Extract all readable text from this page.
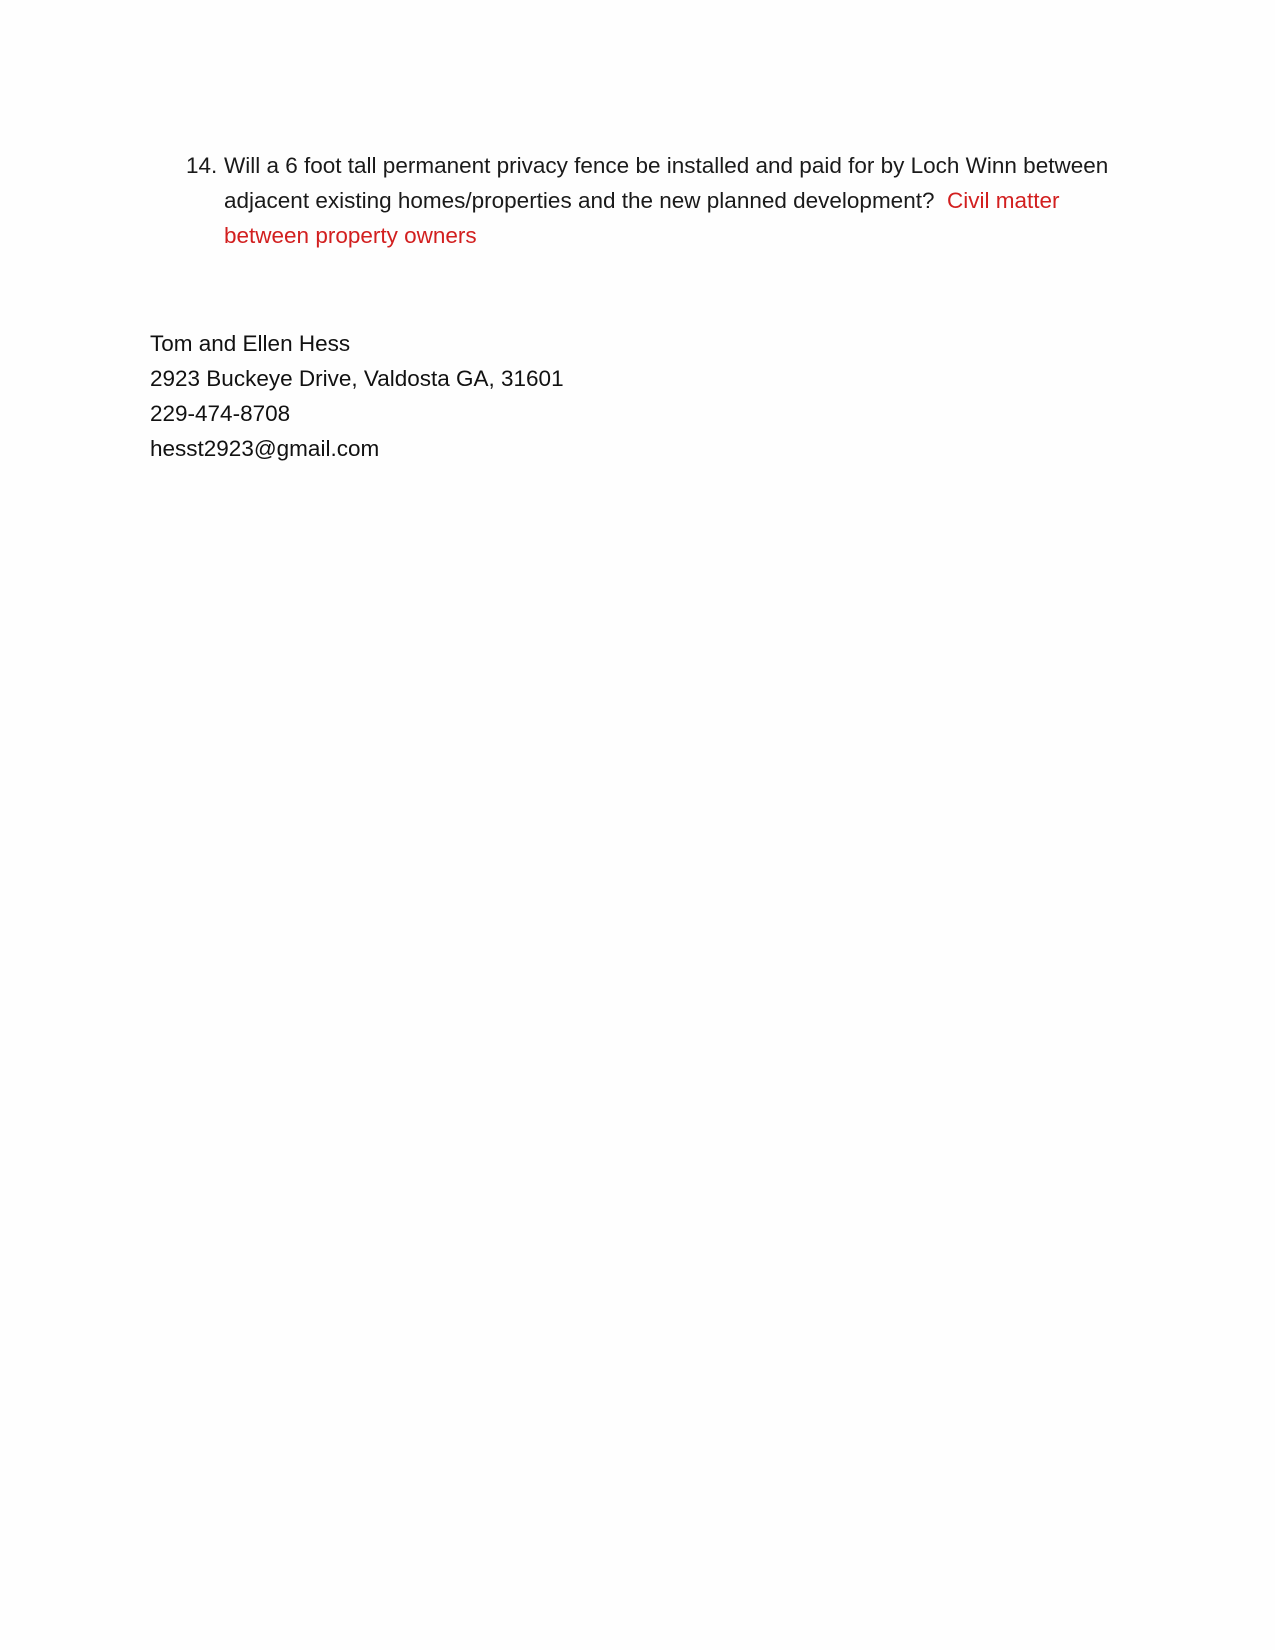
14. Will a 6 foot tall permanent privacy fence be installed and paid for by Loch Winn between adjacent existing homes/properties and the new planned development? Civil matter between property owners
Tom and Ellen Hess
2923 Buckeye Drive, Valdosta GA, 31601
229-474-8708
hesst2923@gmail.com
